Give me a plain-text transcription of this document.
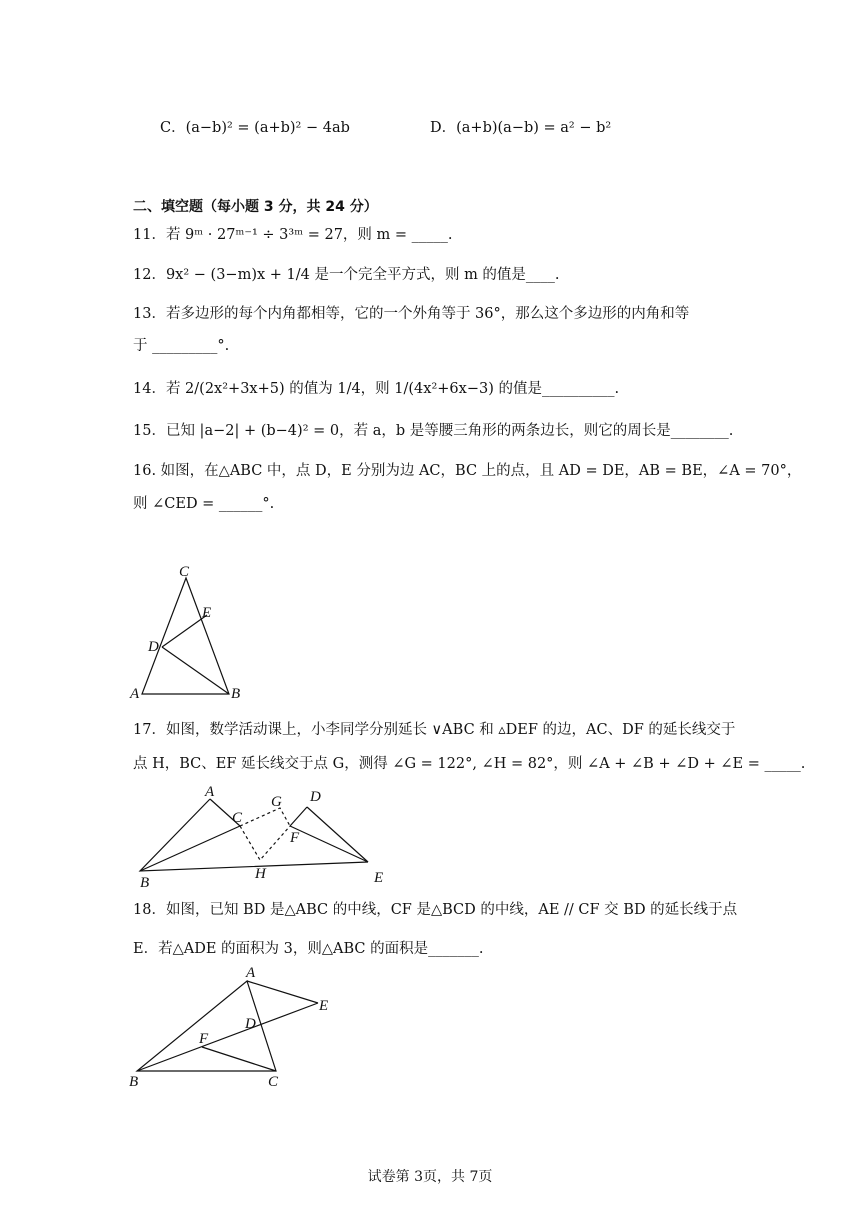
C．(a−b)² = (a+b)² − 4ab	D．(a+b)(a−b) = a² − b²
二、填空题（每小题 3 分，共 24 分）
11．若 9ᵐ · 27ᵐ⁻¹ ÷ 3³ᵐ = 27，则 m = _____.
12．9x² − (3−m)x + 1/4 是一个完全平方式，则 m 的值是____.
13．若多边形的每个内角都相等，它的一个外角等于 36°，那么这个多边形的内角和等
于 _________°.
14．若 2/(2x²+3x+5) 的值为 1/4，则 1/(4x²+6x−3) 的值是__________.
15．已知 |a−2| + (b−4)² = 0，若 a，b 是等腰三角形的两条边长，则它的周长是________.
16. 如图，在△ABC 中，点 D，E 分别为边 AC，BC 上的点，且 AD = DE，AB = BE，∠A = 70°，
则 ∠CED = ______°.
C
E
D
A	B
17．如图，数学活动课上，小李同学分别延长 ∨ABC 和 ▵DEF 的边，AC、DF 的延长线交于
点 H，BC、EF 延长线交于点 G，测得 ∠G = 122°, ∠H = 82°，则 ∠A + ∠B + ∠D + ∠E = _____.
A
C
G D
F
H
B	E
18．如图，已知 BD 是△ABC 的中线，CF 是△BCD 的中线，AE // CF 交 BD 的延长线于点
E．若△ADE 的面积为 3，则△ABC 的面积是_______.
A
E
D
F
B	C
试卷第 3页，共 7页
